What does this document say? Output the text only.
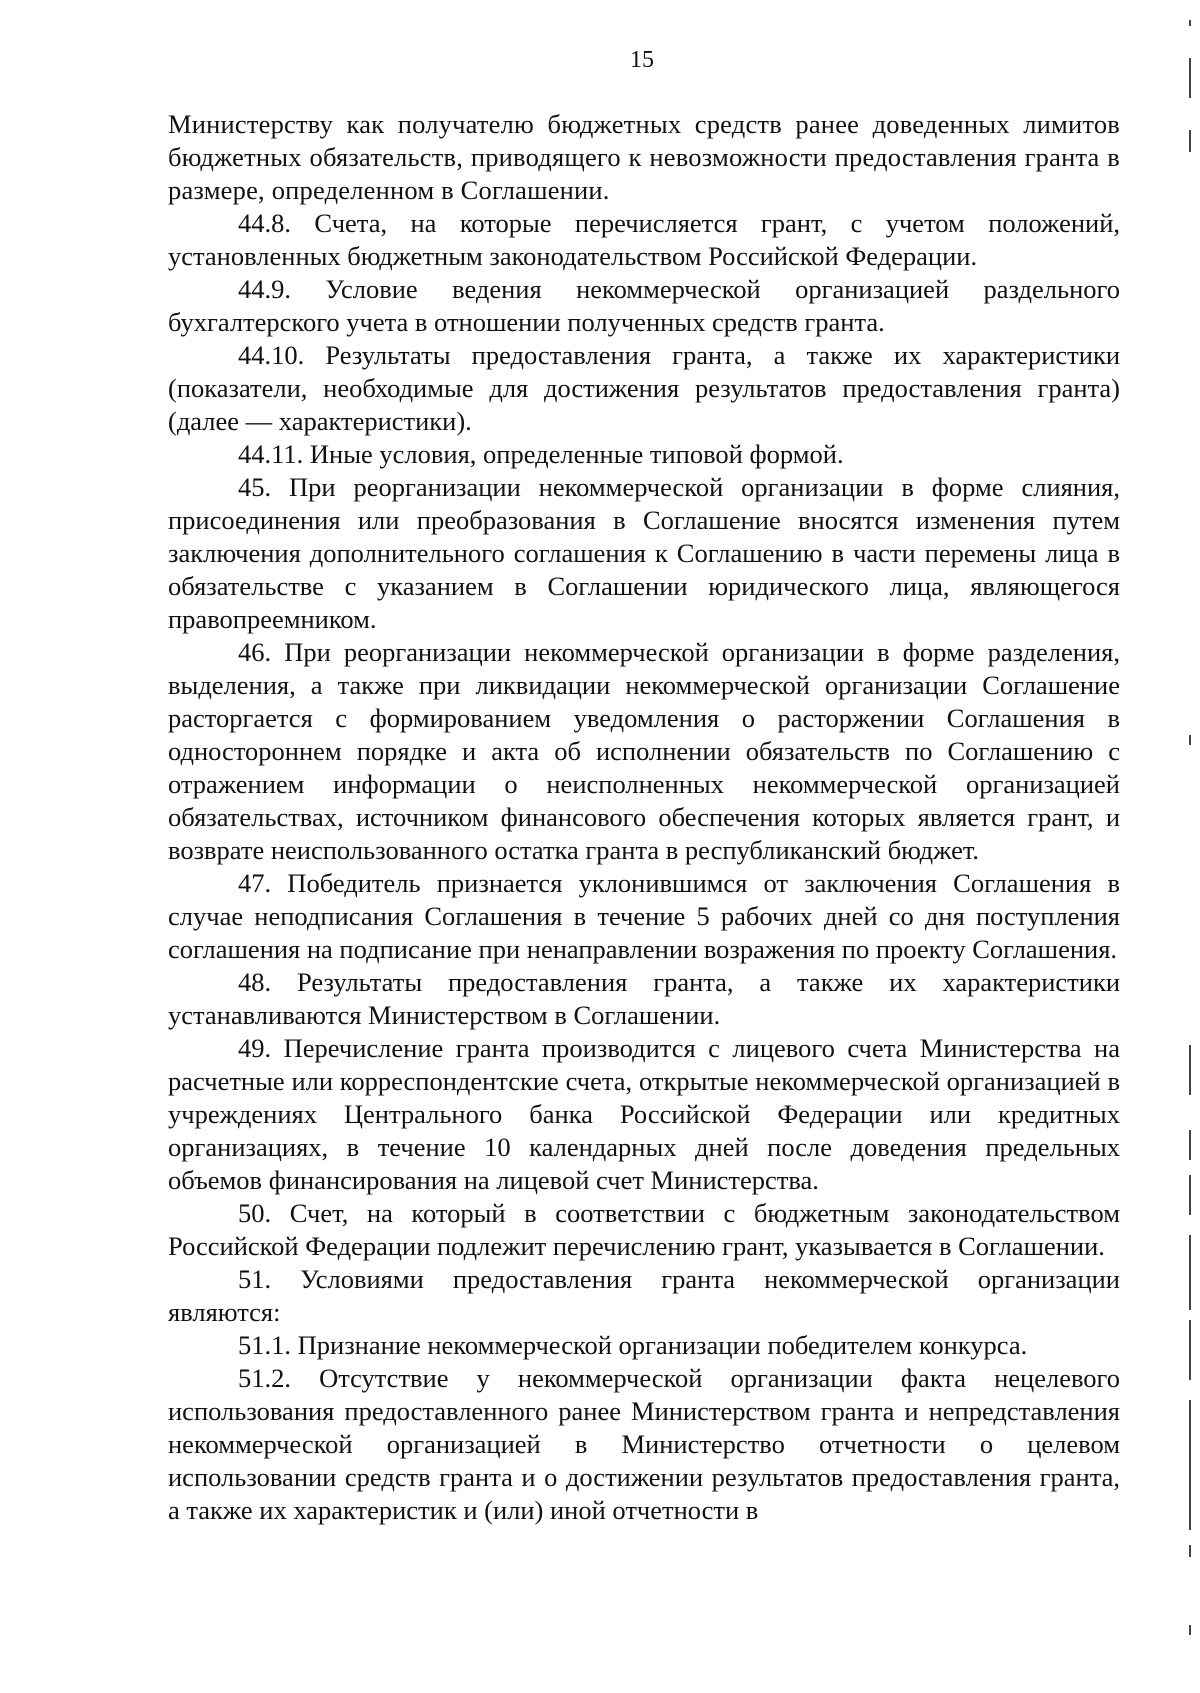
15

Министерству как получателю бюджетных средств ранее доведенных лимитов бюджетных обязательств, приводящего к невозможности предоставления гранта в размере, определенном в Соглашении.

44.8. Счета, на которые перечисляется грант, с учетом положений, установленных бюджетным законодательством Российской Федерации.

44.9. Условие ведения некоммерческой организацией раздельного бухгалтерского учета в отношении полученных средств гранта.

44.10. Результаты предоставления гранта, а также их характеристики (показатели, необходимые для достижения результатов предоставления гранта) (далее — характеристики).

44.11. Иные условия, определенные типовой формой.

45. При реорганизации некоммерческой организации в форме слияния, присоединения или преобразования в Соглашение вносятся изменения путем заключения дополнительного соглашения к Соглашению в части перемены лица в обязательстве с указанием в Соглашении юридического лица, являющегося правопреемником.

46. При реорганизации некоммерческой организации в форме разделения, выделения, а также при ликвидации некоммерческой организации Соглашение расторгается с формированием уведомления о расторжении Соглашения в одностороннем порядке и акта об исполнении обязательств по Соглашению с отражением информации о неисполненных некоммерческой организацией обязательствах, источником финансового обеспечения которых является грант, и возврате неиспользованного остатка гранта в республиканский бюджет.

47. Победитель признается уклонившимся от заключения Соглашения в случае неподписания Соглашения в течение 5 рабочих дней со дня поступления соглашения на подписание при ненаправлении возражения по проекту Соглашения.

48. Результаты предоставления гранта, а также их характеристики устанавливаются Министерством в Соглашении.

49. Перечисление гранта производится с лицевого счета Министерства на расчетные или корреспондентские счета, открытые некоммерческой организацией в учреждениях Центрального банка Российской Федерации или кредитных организациях, в течение 10 календарных дней после доведения предельных объемов финансирования на лицевой счет Министерства.

50. Счет, на который в соответствии с бюджетным законодательством Российской Федерации подлежит перечислению грант, указывается в Соглашении.

51. Условиями предоставления гранта некоммерческой организации являются:

51.1. Признание некоммерческой организации победителем конкурса.

51.2. Отсутствие у некоммерческой организации факта нецелевого использования предоставленного ранее Министерством гранта и непредставления некоммерческой организацией в Министерство отчетности о целевом использовании средств гранта и о достижении результатов предоставления гранта, а также их характеристик и (или) иной отчетности в
